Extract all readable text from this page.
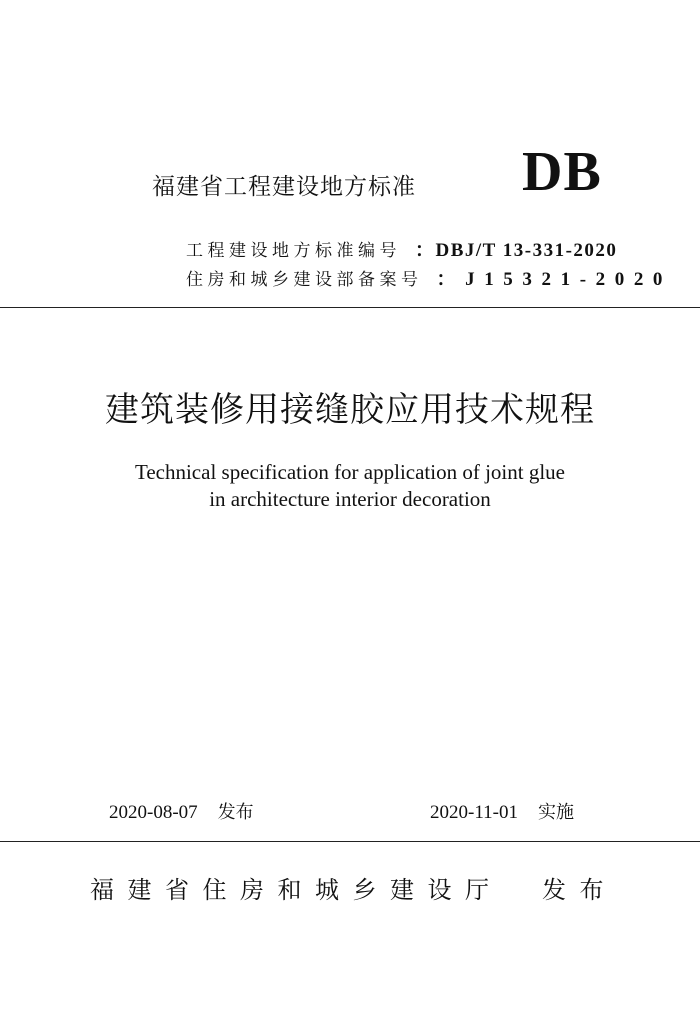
福建省工程建设地方标准 DB
工程建设地方标准编号 ：DBJ/T 13-331-2020
住房和城乡建设部备案号 ：J15321-2020
建筑装修用接缝胶应用技术规程
Technical specification for application of joint glue
in architecture interior decoration
2020-08-07 发布	2020-11-01 实施
福建省住房和城乡建设厅 发布
